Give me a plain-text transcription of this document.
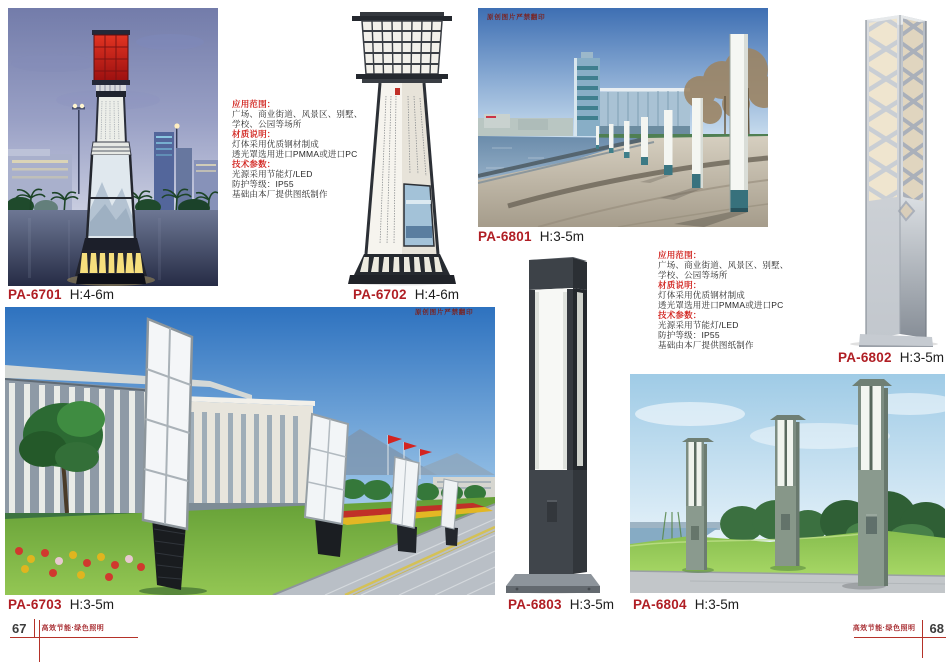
PA-6701 H:4-6m
应用范围：
广场、商业街道、风景区、别墅、
学校、公园等场所
材质说明：
灯体采用优质钢材制成
透光罩选用进口PMMA或进口PC
技术参数：
光源采用节能灯/LED
防护等级：IP55
基础由本厂提供图纸制作
PA-6702 H:4-6m
原创图片严禁翻印
PA-6703 H:3-5m
67 高效节能·绿色照明
原创图片严禁翻印
PA-6801 H:3-5m
PA-6802 H:3-5m
应用范围：
广场、商业街道、风景区、别墅、
学校、公园等场所
材质说明：
灯体采用优质钢材制成
透光罩选用进口PMMA或进口PC
技术参数：
光源采用节能灯/LED
防护等级：IP55
基础由本厂提供图纸制作
PA-6803 H:3-5m PA-6804 H:3-5m
高效节能·绿色照明 68
